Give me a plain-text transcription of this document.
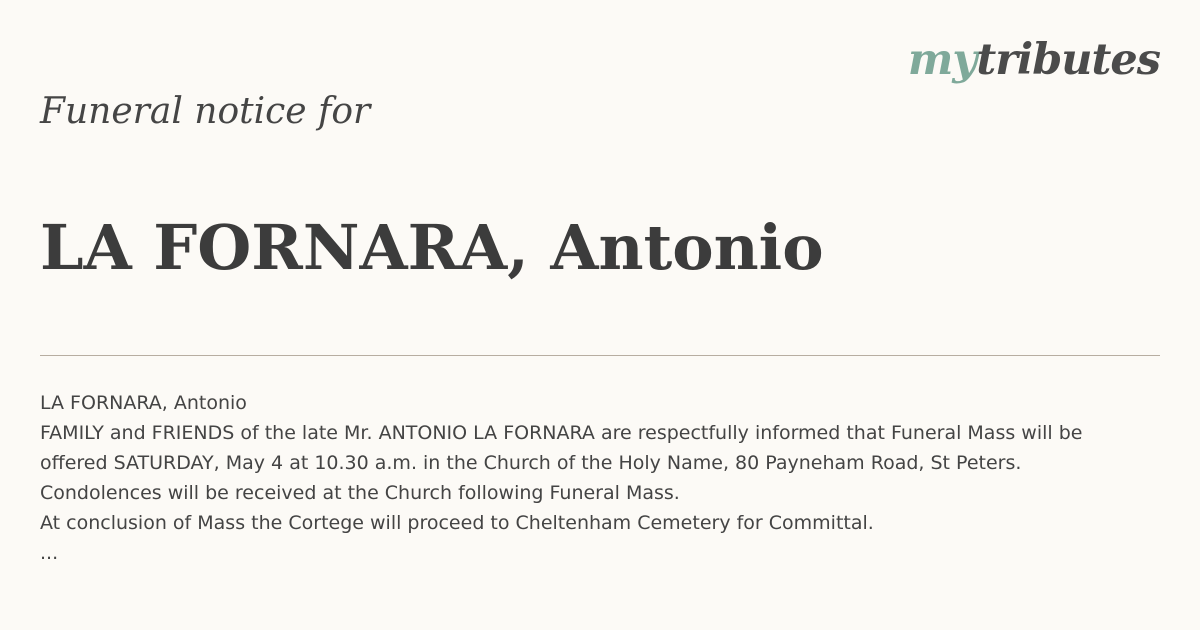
mytributes
Funeral notice for
LA FORNARA, Antonio
LA FORNARA, Antonio
FAMILY and FRIENDS of the late Mr. ANTONIO LA FORNARA are respectfully informed that Funeral Mass will be
offered SATURDAY, May 4 at 10.30 a.m. in the Church of the Holy Name, 80 Payneham Road, St Peters.
Condolences will be received at the Church following Funeral Mass.
At conclusion of Mass the Cortege will proceed to Cheltenham Cemetery for Committal.
...
